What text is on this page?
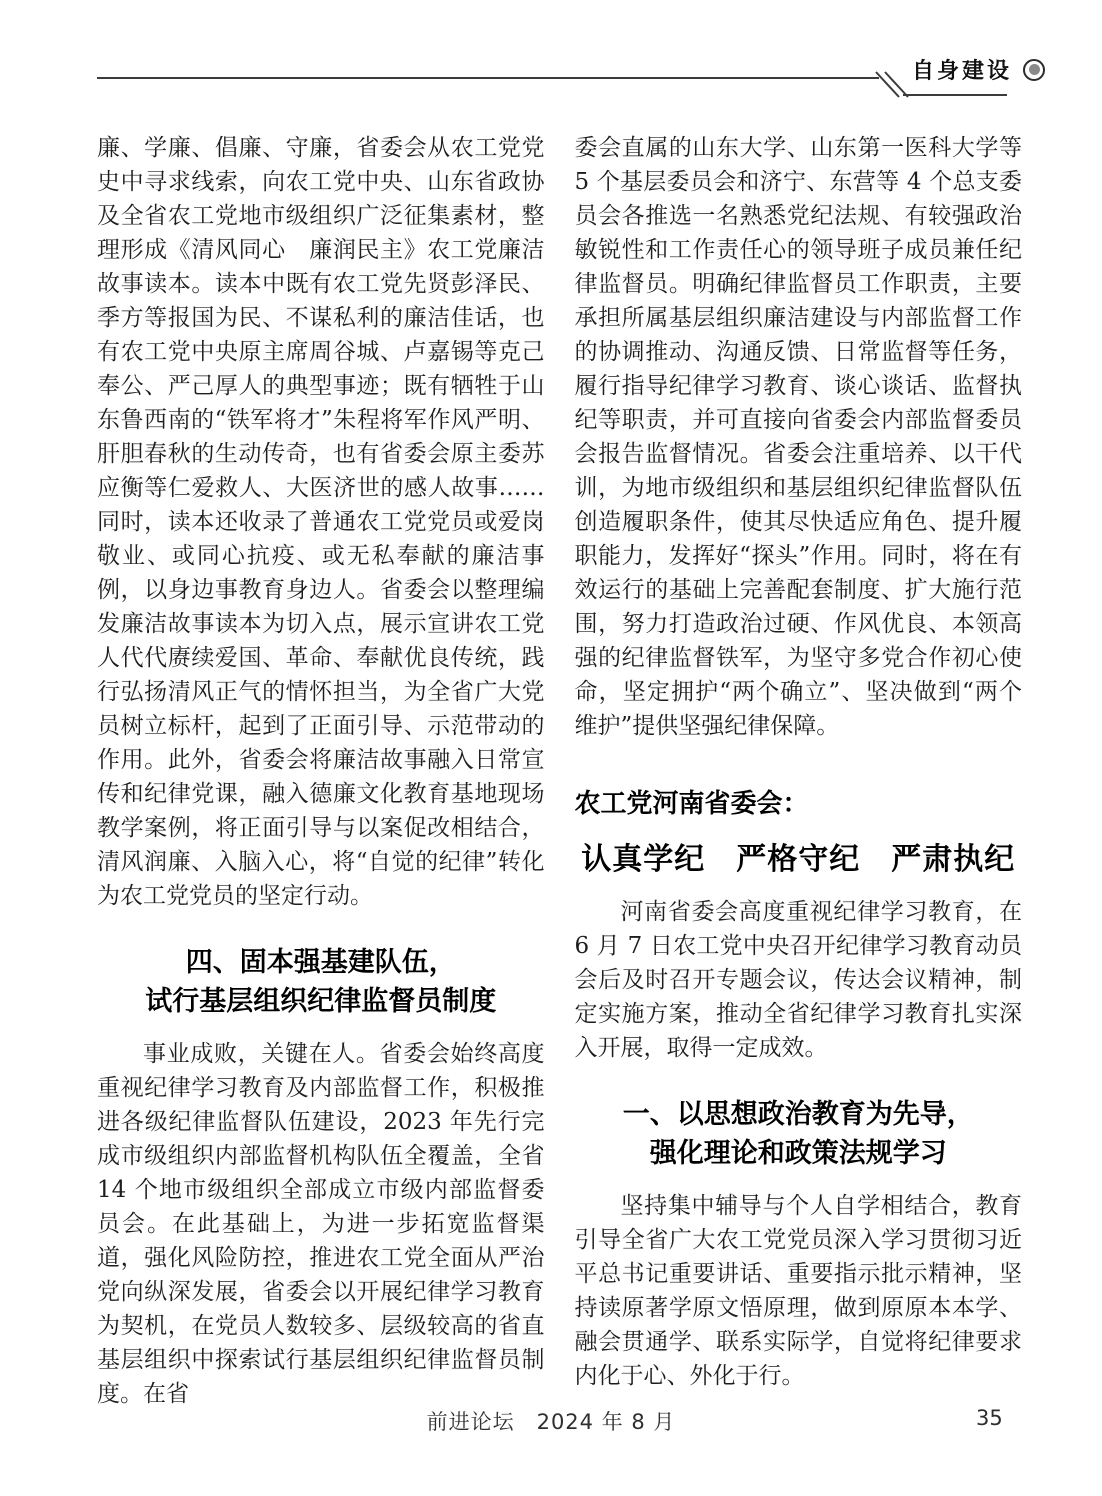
自身建设

廉、学廉、倡廉、守廉，省委会从农工党党史中寻求线索，向农工党中央、山东省政协及全省农工党地市级组织广泛征集素材，整理形成《清风同心　廉润民主》农工党廉洁故事读本。读本中既有农工党先贤彭泽民、季方等报国为民、不谋私利的廉洁佳话，也有农工党中央原主席周谷城、卢嘉锡等克己奉公、严己厚人的典型事迹；既有牺牲于山东鲁西南的“铁军将才”朱程将军作风严明、肝胆春秋的生动传奇，也有省委会原主委苏应衡等仁爱救人、大医济世的感人故事……同时，读本还收录了普通农工党党员或爱岗敬业、或同心抗疫、或无私奉献的廉洁事例，以身边事教育身边人。省委会以整理编发廉洁故事读本为切入点，展示宣讲农工党人代代赓续爱国、革命、奉献优良传统，践行弘扬清风正气的情怀担当，为全省广大党员树立标杆，起到了正面引导、示范带动的作用。此外，省委会将廉洁故事融入日常宣传和纪律党课，融入德廉文化教育基地现场教学案例，将正面引导与以案促改相结合，清风润廉、入脑入心，将“自觉的纪律”转化为农工党党员的坚定行动。

四、固本强基建队伍，
试行基层组织纪律监督员制度

事业成败，关键在人。省委会始终高度重视纪律学习教育及内部监督工作，积极推进各级纪律监督队伍建设，2023 年先行完成市级组织内部监督机构队伍全覆盖，全省 14 个地市级组织全部成立市级内部监督委员会。在此基础上，为进一步拓宽监督渠道，强化风险防控，推进农工党全面从严治党向纵深发展，省委会以开展纪律学习教育为契机，在党员人数较多、层级较高的省直基层组织中探索试行基层组织纪律监督员制度。在省

委会直属的山东大学、山东第一医科大学等 5 个基层委员会和济宁、东营等 4 个总支委员会各推选一名熟悉党纪法规、有较强政治敏锐性和工作责任心的领导班子成员兼任纪律监督员。明确纪律监督员工作职责，主要承担所属基层组织廉洁建设与内部监督工作的协调推动、沟通反馈、日常监督等任务，履行指导纪律学习教育、谈心谈话、监督执纪等职责，并可直接向省委会内部监督委员会报告监督情况。省委会注重培养、以干代训，为地市级组织和基层组织纪律监督队伍创造履职条件，使其尽快适应角色、提升履职能力，发挥好“探头”作用。同时，将在有效运行的基础上完善配套制度、扩大施行范围，努力打造政治过硬、作风优良、本领高强的纪律监督铁军，为坚守多党合作初心使命，坚定拥护“两个确立”、坚决做到“两个维护”提供坚强纪律保障。

农工党河南省委会：

认真学纪　严格守纪　严肃执纪

河南省委会高度重视纪律学习教育，在 6 月 7 日农工党中央召开纪律学习教育动员会后及时召开专题会议，传达会议精神，制定实施方案，推动全省纪律学习教育扎实深入开展，取得一定成效。

一、以思想政治教育为先导，
强化理论和政策法规学习

坚持集中辅导与个人自学相结合，教育引导全省广大农工党党员深入学习贯彻习近平总书记重要讲话、重要指示批示精神，坚持读原著学原文悟原理，做到原原本本学、融会贯通学、联系实际学，自觉将纪律要求内化于心、外化于行。

前进论坛　2024 年 8 月	35
